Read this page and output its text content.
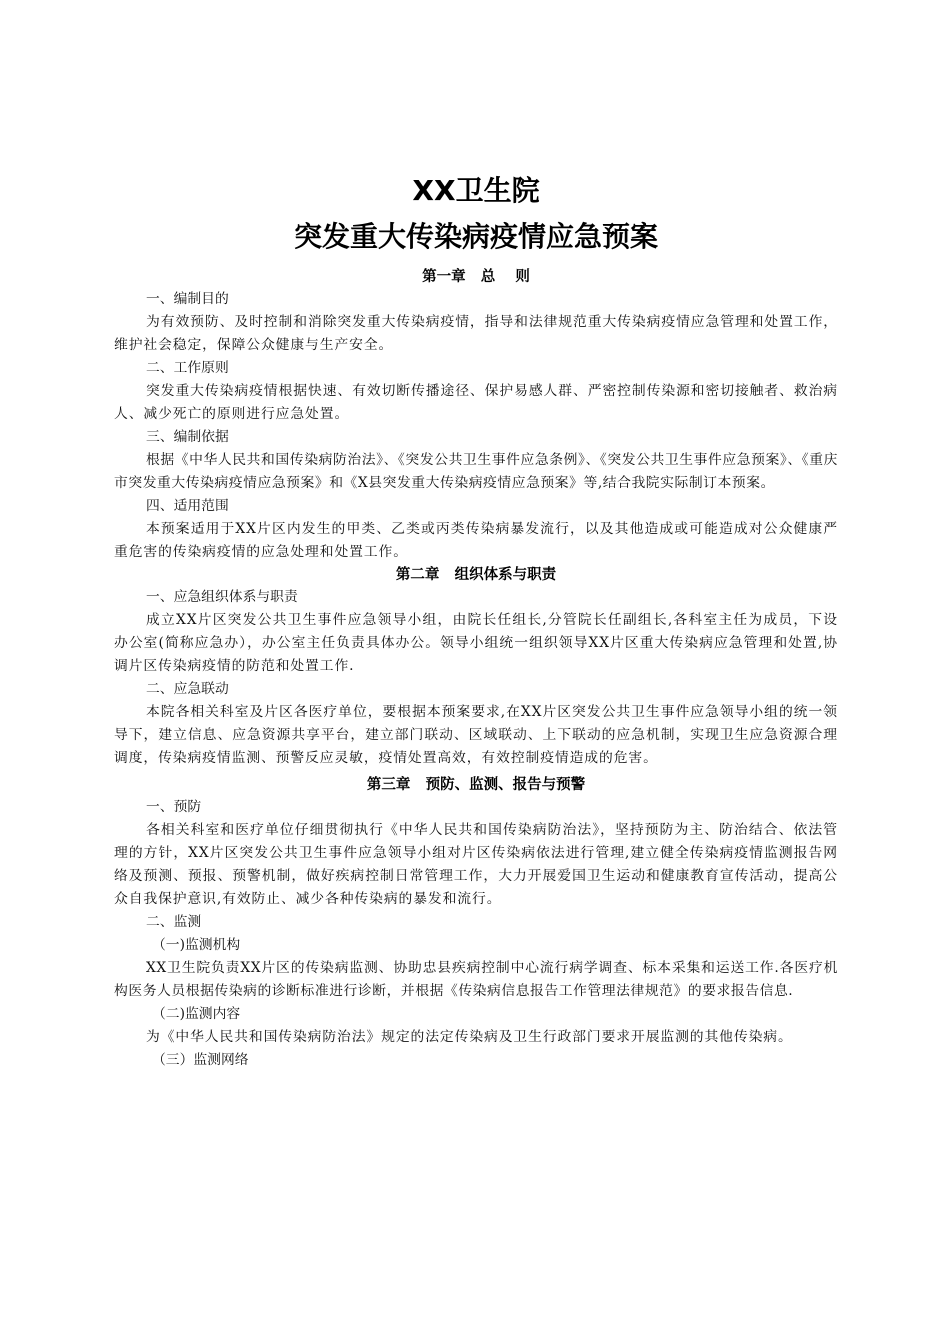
XX卫生院
突发重大传染病疫情应急预案

第一章   总    则

一、编制目的

为有效预防、及时控制和消除突发重大传染病疫情，指导和法律规范重大传染病疫情应急管理和处置工作，维护社会稳定，保障公众健康与生产安全。

二、工作原则

突发重大传染病疫情根据快速、有效切断传播途径、保护易感人群、严密控制传染源和密切接触者、救治病人、减少死亡的原则进行应急处置。

三、编制依据

根据《中华人民共和国传染病防治法》、《突发公共卫生事件应急条例》、《突发公共卫生事件应急预案》、《重庆市突发重大传染病疫情应急预案》和《X县突发重大传染病疫情应急预案》等,结合我院实际制订本预案。

四、适用范围

本预案适用于XX片区内发生的甲类、乙类或丙类传染病暴发流行，以及其他造成或可能造成对公众健康严重危害的传染病疫情的应急处理和处置工作。

第二章   组织体系与职责

一、应急组织体系与职责

成立XX片区突发公共卫生事件应急领导小组，由院长任组长,分管院长任副组长,各科室主任为成员，下设办公室(简称应急办），办公室主任负责具体办公。领导小组统一组织领导XX片区重大传染病应急管理和处置,协调片区传染病疫情的防范和处置工作.

二、应急联动

本院各相关科室及片区各医疗单位，要根据本预案要求,在XX片区突发公共卫生事件应急领导小组的统一领导下，建立信息、应急资源共享平台，建立部门联动、区域联动、上下联动的应急机制，实现卫生应急资源合理调度，传染病疫情监测、预警反应灵敏，疫情处置高效，有效控制疫情造成的危害。

第三章   预防、监测、报告与预警

一、预防

各相关科室和医疗单位仔细贯彻执行《中华人民共和国传染病防治法》，坚持预防为主、防治结合、依法管理的方针，XX片区突发公共卫生事件应急领导小组对片区传染病依法进行管理,建立健全传染病疫情监测报告网络及预测、预报、预警机制，做好疾病控制日常管理工作，大力开展爱国卫生运动和健康教育宣传活动，提高公众自我保护意识,有效防止、减少各种传染病的暴发和流行。

二、监测

（一)监测机构

XX卫生院负责XX片区的传染病监测、协助忠县疾病控制中心流行病学调查、标本采集和运送工作.各医疗机构医务人员根据传染病的诊断标准进行诊断，并根据《传染病信息报告工作管理法律规范》的要求报告信息.

（二)监测内容

为《中华人民共和国传染病防治法》规定的法定传染病及卫生行政部门要求开展监测的其他传染病。

（三）监测网络
